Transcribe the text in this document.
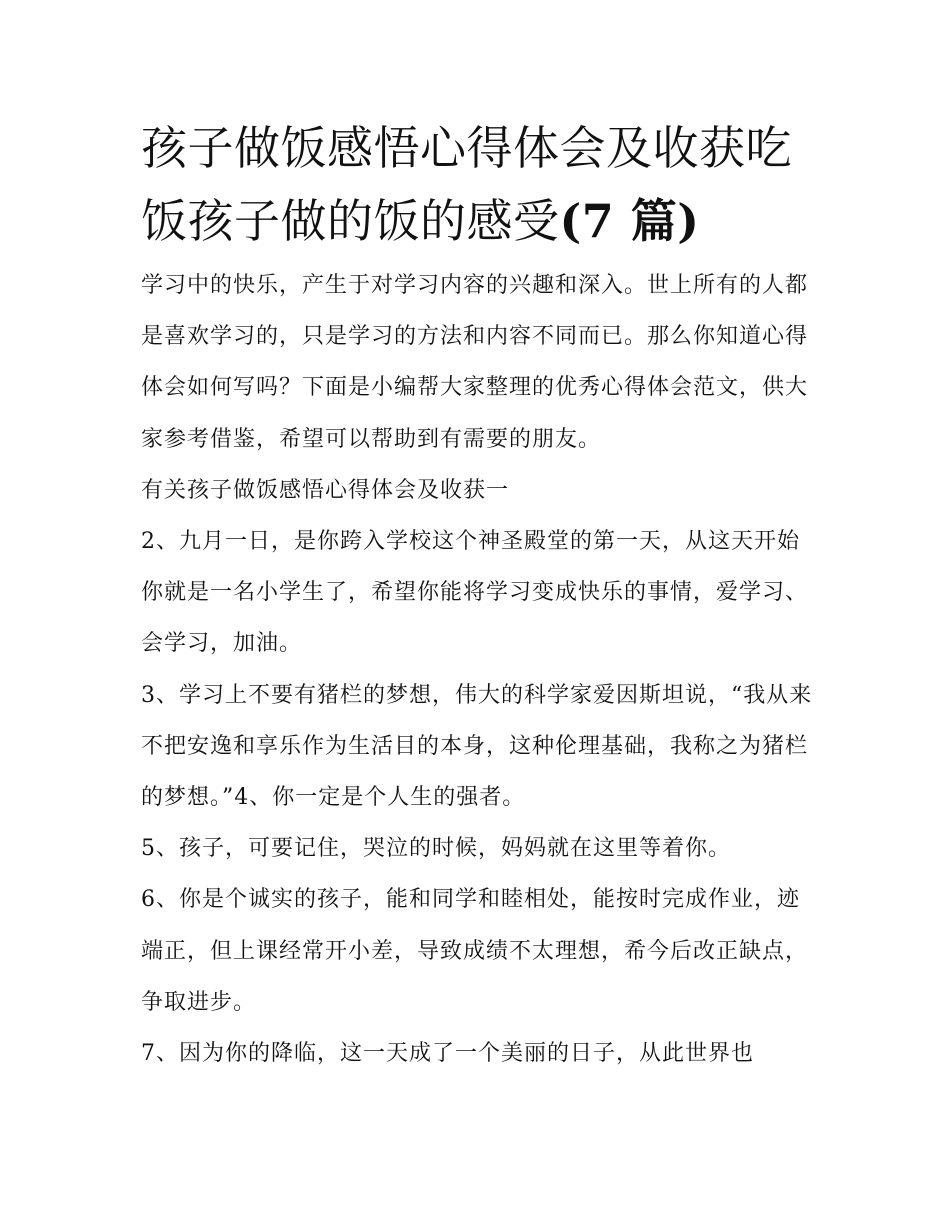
孩子做饭感悟心得体会及收获吃饭孩子做的饭的感受(7 篇)

学习中的快乐，产生于对学习内容的兴趣和深入。世上所有的人都是喜欢学习的，只是学习的方法和内容不同而已。那么你知道心得体会如何写吗？下面是小编帮大家整理的优秀心得体会范文，供大家参考借鉴，希望可以帮助到有需要的朋友。

有关孩子做饭感悟心得体会及收获一

2、九月一日，是你跨入学校这个神圣殿堂的第一天，从这天开始你就是一名小学生了，希望你能将学习变成快乐的事情，爱学习、会学习，加油。

3、学习上不要有猪栏的梦想，伟大的科学家爱因斯坦说，“我从来不把安逸和享乐作为生活目的本身，这种伦理基础，我称之为猪栏的梦想。”4、你一定是个人生的强者。

5、孩子，可要记住，哭泣的时候，妈妈就在这里等着你。

6、你是个诚实的孩子，能和同学和睦相处，能按时完成作业，迹端正，但上课经常开小差，导致成绩不太理想，希今后改正缺点，争取进步。

7、因为你的降临，这一天成了一个美丽的日子，从此世界也
